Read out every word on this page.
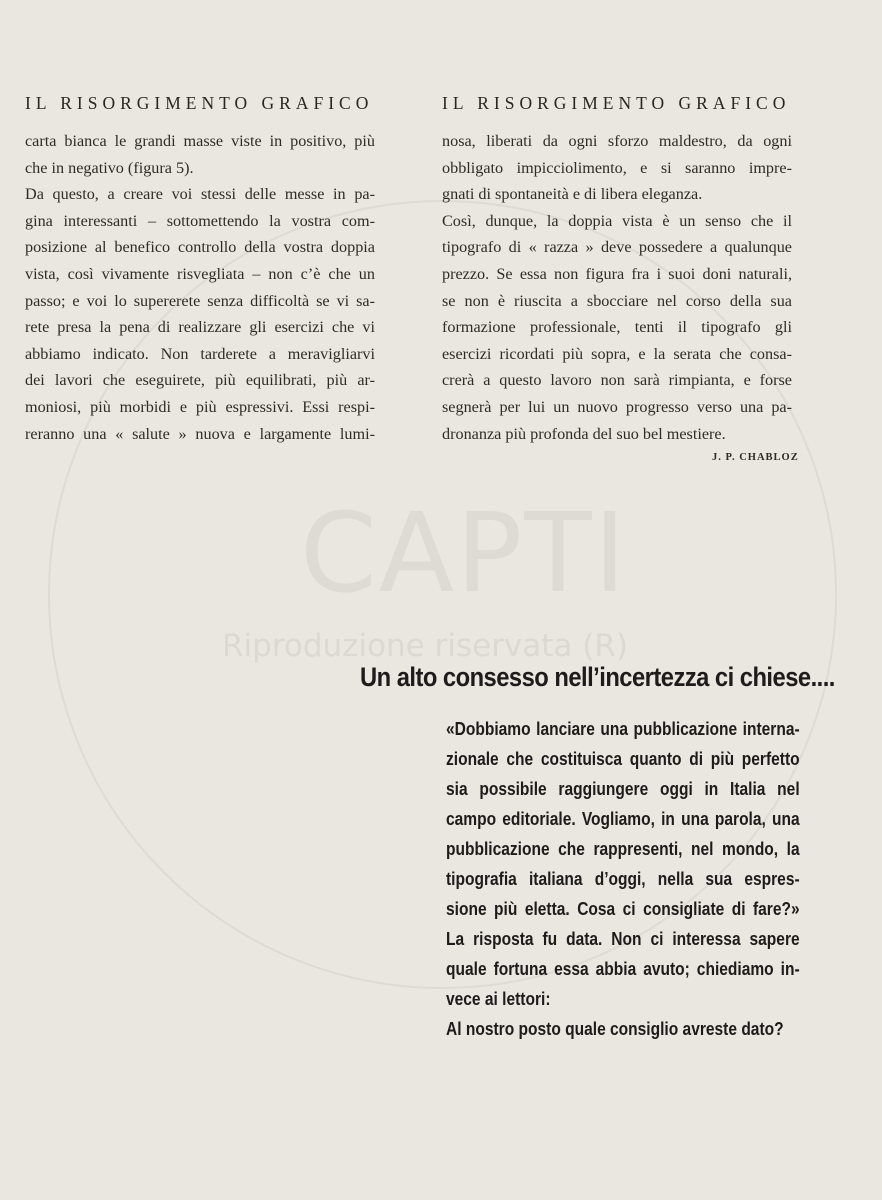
CAPTI
Riproduzione riservata (R)
IL RISORGIMENTO GRAFICO	IL RISORGIMENTO GRAFICO
carta bianca le grandi masse viste in positivo, più
che in negativo (figura 5).
Da questo, a creare voi stessi delle messe in pa-
gina interessanti – sottomettendo la vostra com-
posizione al benefico controllo della vostra doppia
vista, così vivamente risvegliata – non c’è che un
passo; e voi lo supererete senza difficoltà se vi sa-
rete presa la pena di realizzare gli esercizi che vi
abbiamo indicato. Non tarderete a meravigliarvi
dei lavori che eseguirete, più equilibrati, più ar-
moniosi, più morbidi e più espressivi. Essi respi-
reranno una « salute » nuova e largamente lumi-
nosa, liberati da ogni sforzo maldestro, da ogni
obbligato impicciolimento, e si saranno impre-
gnati di spontaneità e di libera eleganza.
Così, dunque, la doppia vista è un senso che il
tipografo di « razza » deve possedere a qualunque
prezzo. Se essa non figura fra i suoi doni naturali,
se non è riuscita a sbocciare nel corso della sua
formazione professionale, tenti il tipografo gli
esercizi ricordati più sopra, e la serata che consa-
crerà a questo lavoro non sarà rimpianta, e forse
segnerà per lui un nuovo progresso verso una pa-
dronanza più profonda del suo bel mestiere.
J. P. CHABLOZ
Un alto consesso nell’incertezza ci chiese....
«Dobbiamo lanciare una pubblicazione interna-
zionale che costituisca quanto di più perfetto
sia possibile raggiungere oggi in Italia nel
campo editoriale. Vogliamo, in una parola, una
pubblicazione che rappresenti, nel mondo, la
tipografia italiana d’oggi, nella sua espres-
sione più eletta. Cosa ci consigliate di fare?»
La risposta fu data. Non ci interessa sapere
quale fortuna essa abbia avuto; chiediamo in-
vece ai lettori:
Al nostro posto quale consiglio avreste dato?
